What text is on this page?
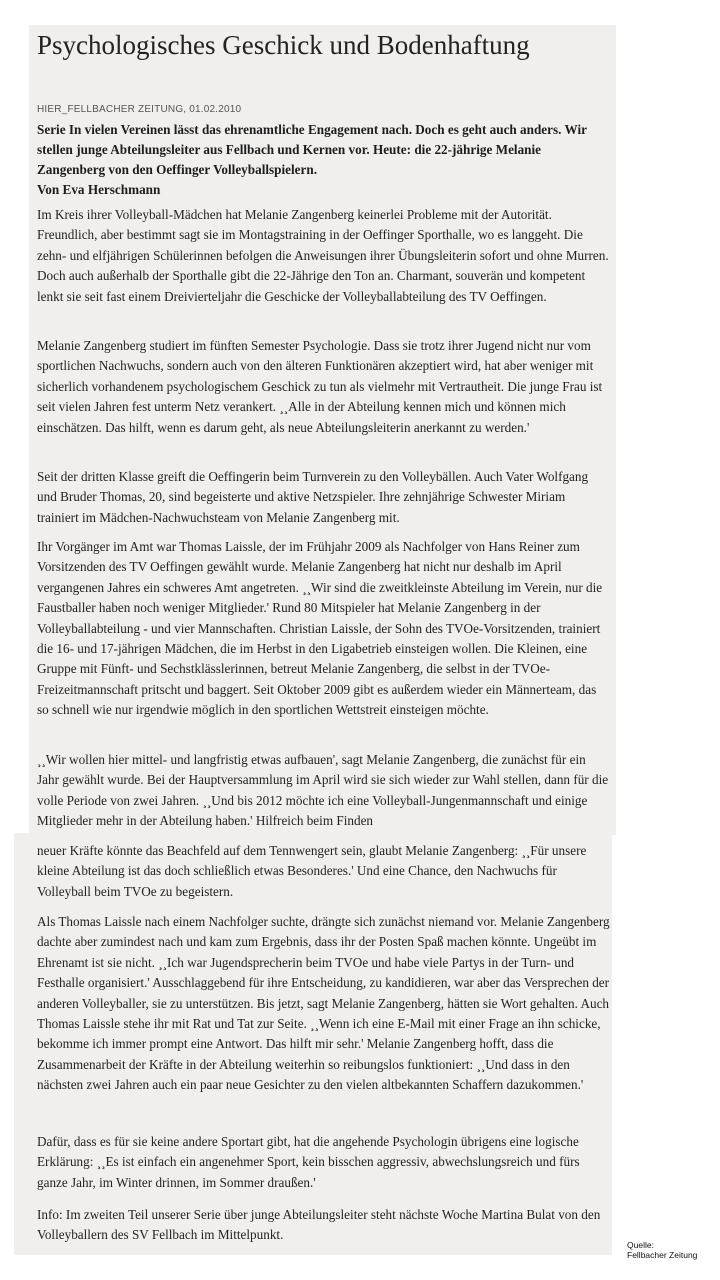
Psychologisches Geschick und Bodenhaftung
HIER_FELLBACHER ZEITUNG, 01.02.2010

Serie In vielen Vereinen lässt das ehrenamtliche Engagement nach. Doch es geht auch anders. Wir stellen junge Abteilungsleiter aus Fellbach und Kernen vor. Heute: die 22-jährige Melanie Zangenberg von den Oeffinger Volleyballspielern.

Von Eva Herschmann

Im Kreis ihrer Volleyball-Mädchen hat Melanie Zangenberg keinerlei Probleme mit der Autorität. Freundlich, aber bestimmt sagt sie im Montagstraining in der Oeffinger Sporthalle, wo es langgeht. Die zehn- und elfjährigen Schülerinnen befolgen die Anweisungen ihrer Übungsleiterin sofort und ohne Murren. Doch auch außerhalb der Sporthalle gibt die 22-Jährige den Ton an. Charmant, souverän und kompetent lenkt sie seit fast einem Dreivierteljahr die Geschicke der Volleyballabteilung des TV Oeffingen.

Melanie Zangenberg studiert im fünften Semester Psychologie. Dass sie trotz ihrer Jugend nicht nur vom sportlichen Nachwuchs, sondern auch von den älteren Funktionären akzeptiert wird, hat aber weniger mit sicherlich vorhandenem psychologischem Geschick zu tun als vielmehr mit Vertrautheit. Die junge Frau ist seit vielen Jahren fest unterm Netz verankert. ¸¸Alle in der Abteilung kennen mich und können mich einschätzen. Das hilft, wenn es darum geht, als neue Abteilungsleiterin anerkannt zu werden.'

Seit der dritten Klasse greift die Oeffingerin beim Turnverein zu den Volleybällen. Auch Vater Wolfgang und Bruder Thomas, 20, sind begeisterte und aktive Netzspieler. Ihre zehnjährige Schwester Miriam trainiert im Mädchen-Nachwuchsteam von Melanie Zangenberg mit.

Ihr Vorgänger im Amt war Thomas Laissle, der im Frühjahr 2009 als Nachfolger von Hans Reiner zum Vorsitzenden des TV Oeffingen gewählt wurde. Melanie Zangenberg hat nicht nur deshalb im April vergangenen Jahres ein schweres Amt angetreten. ¸¸Wir sind die zweitkleinste Abteilung im Verein, nur die Faustballer haben noch weniger Mitglieder.' Rund 80 Mitspieler hat Melanie Zangenberg in der Volleyballabteilung - und vier Mannschaften. Christian Laissle, der Sohn des TVOe-Vorsitzenden, trainiert die 16- und 17-jährigen Mädchen, die im Herbst in den Ligabetrieb einsteigen wollen. Die Kleinen, eine Gruppe mit Fünft- und Sechstklässlerinnen, betreut Melanie Zangenberg, die selbst in der TVOe-Freizeitmannschaft pritscht und baggert. Seit Oktober 2009 gibt es außerdem wieder ein Männerteam, das so schnell wie nur irgendwie möglich in den sportlichen Wettstreit einsteigen möchte.

¸¸Wir wollen hier mittel- und langfristig etwas aufbauen', sagt Melanie Zangenberg, die zunächst für ein Jahr gewählt wurde. Bei der Hauptversammlung im April wird sie sich wieder zur Wahl stellen, dann für die volle Periode von zwei Jahren. ¸¸Und bis 2012 möchte ich eine Volleyball-Jungenmannschaft und einige Mitglieder mehr in der Abteilung haben.' Hilfreich beim Finden

neuer Kräfte könnte das Beachfeld auf dem Tennwengert sein, glaubt Melanie Zangenberg: ¸¸Für unsere kleine Abteilung ist das doch schließlich etwas Besonderes.' Und eine Chance, den Nachwuchs für Volleyball beim TVOe zu begeistern.

Als Thomas Laissle nach einem Nachfolger suchte, drängte sich zunächst niemand vor. Melanie Zangenberg dachte aber zumindest nach und kam zum Ergebnis, dass ihr der Posten Spaß machen könnte. Ungeübt im Ehrenamt ist sie nicht. ¸¸Ich war Jugendsprecherin beim TVOe und habe viele Partys in der Turn- und Festhalle organisiert.' Ausschlaggebend für ihre Entscheidung, zu kandidieren, war aber das Versprechen der anderen Volleyballer, sie zu unterstützen. Bis jetzt, sagt Melanie Zangenberg, hätten sie Wort gehalten. Auch Thomas Laissle stehe ihr mit Rat und Tat zur Seite. ¸¸Wenn ich eine E-Mail mit einer Frage an ihn schicke, bekomme ich immer prompt eine Antwort. Das hilft mir sehr.' Melanie Zangenberg hofft, dass die Zusammenarbeit der Kräfte in der Abteilung weiterhin so reibungslos funktioniert: ¸¸Und dass in den nächsten zwei Jahren auch ein paar neue Gesichter zu den vielen altbekannten Schaffern dazukommen.'

Dafür, dass es für sie keine andere Sportart gibt, hat die angehende Psychologin übrigens eine logische Erklärung: ¸¸Es ist einfach ein angenehmer Sport, kein bisschen aggressiv, abwechslungsreich und fürs ganze Jahr, im Winter drinnen, im Sommer draußen.'

Info: Im zweiten Teil unserer Serie über junge Abteilungsleiter steht nächste Woche Martina Bulat von den Volleyballern des SV Fellbach im Mittelpunkt.

Quelle:
Fellbacher Zeitung
